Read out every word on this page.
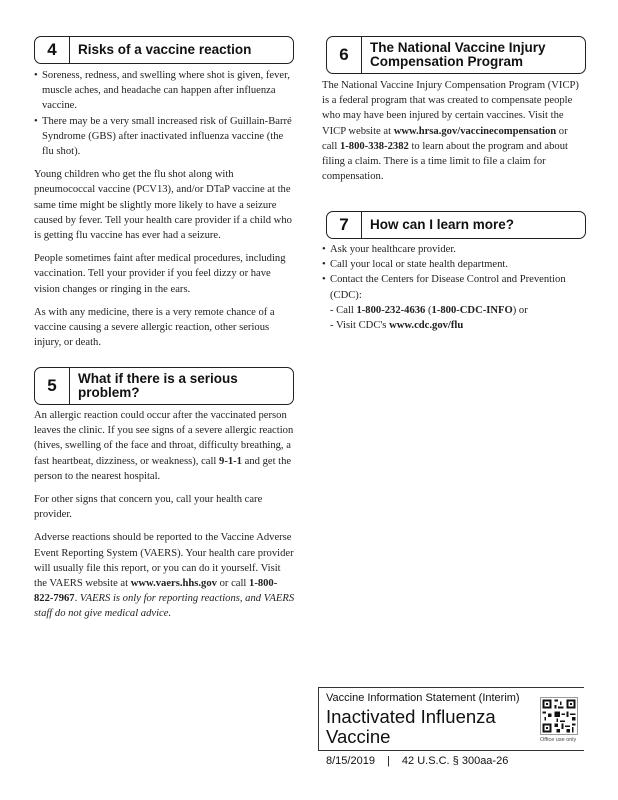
4	Risks of a vaccine reaction
• Soreness, redness, and swelling where shot is given, fever, muscle aches, and headache can happen after influenza vaccine.
• There may be a very small increased risk of Guillain-Barré Syndrome (GBS) after inactivated influenza vaccine (the flu shot).

Young children who get the flu shot along with pneumococcal vaccine (PCV13), and/or DTaP vaccine at the same time might be slightly more likely to have a seizure caused by fever. Tell your health care provider if a child who is getting flu vaccine has ever had a seizure.

People sometimes faint after medical procedures, including vaccination. Tell your provider if you feel dizzy or have vision changes or ringing in the ears.

As with any medicine, there is a very remote chance of a vaccine causing a severe allergic reaction, other serious injury, or death.

5	What if there is a serious problem?

An allergic reaction could occur after the vaccinated person leaves the clinic. If you see signs of a severe allergic reaction (hives, swelling of the face and throat, difficulty breathing, a fast heartbeat, dizziness, or weakness), call 9-1-1 and get the person to the nearest hospital.

For other signs that concern you, call your health care provider.

Adverse reactions should be reported to the Vaccine Adverse Event Reporting System (VAERS). Your health care provider will usually file this report, or you can do it yourself. Visit the VAERS website at www.vaers.hhs.gov or call 1-800-822-7967. VAERS is only for reporting reactions, and VAERS staff do not give medical advice.

6	The National Vaccine Injury Compensation Program

The National Vaccine Injury Compensation Program (VICP) is a federal program that was created to compensate people who may have been injured by certain vaccines. Visit the VICP website at www.hrsa.gov/vaccinecompensation or call 1-800-338-2382 to learn about the program and about filing a claim. There is a time limit to file a claim for compensation.

7	How can I learn more?
• Ask your healthcare provider.
• Call your local or state health department.
• Contact the Centers for Disease Control and Prevention (CDC):
- Call 1-800-232-4636 (1-800-CDC-INFO) or
- Visit CDC's www.cdc.gov/flu
Vaccine Information Statement (Interim)
Inactivated Influenza Vaccine	Office use only
8/15/2019 | 42 U.S.C. § 300aa-26
